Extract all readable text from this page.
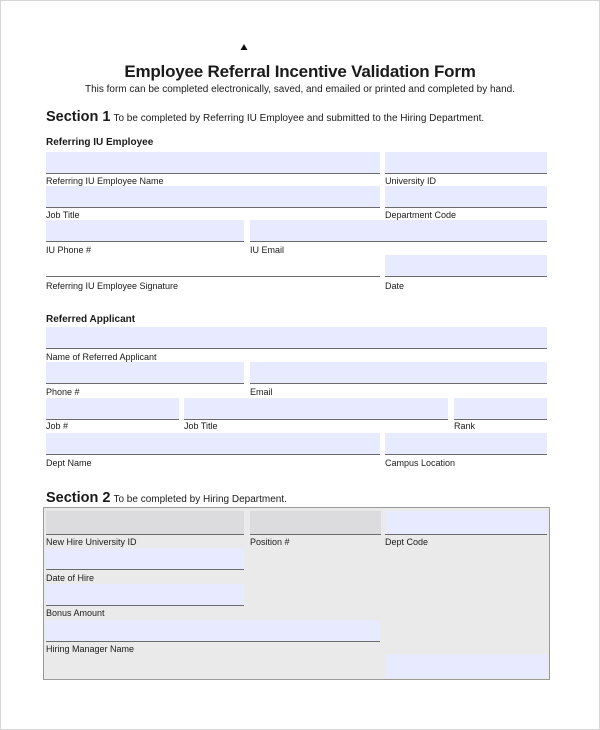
Employee Referral Incentive Validation Form
This form can be completed electronically, saved, and emailed or printed and completed by hand.
Section 1 To be completed by Referring IU Employee and submitted to the Hiring Department.
Referring IU Employee
Referring IU Employee Name	University ID
Job Title	Department Code
IU Phone #	IU Email
Referring IU Employee Signature	Date
Referred Applicant
Name of Referred Applicant
Phone #	Email
Job #	Job Title	Rank
Dept Name	Campus Location
Section 2 To be completed by Hiring Department.
New Hire University ID	Position #	Dept Code
Date of Hire
Bonus Amount
Hiring Manager Name
